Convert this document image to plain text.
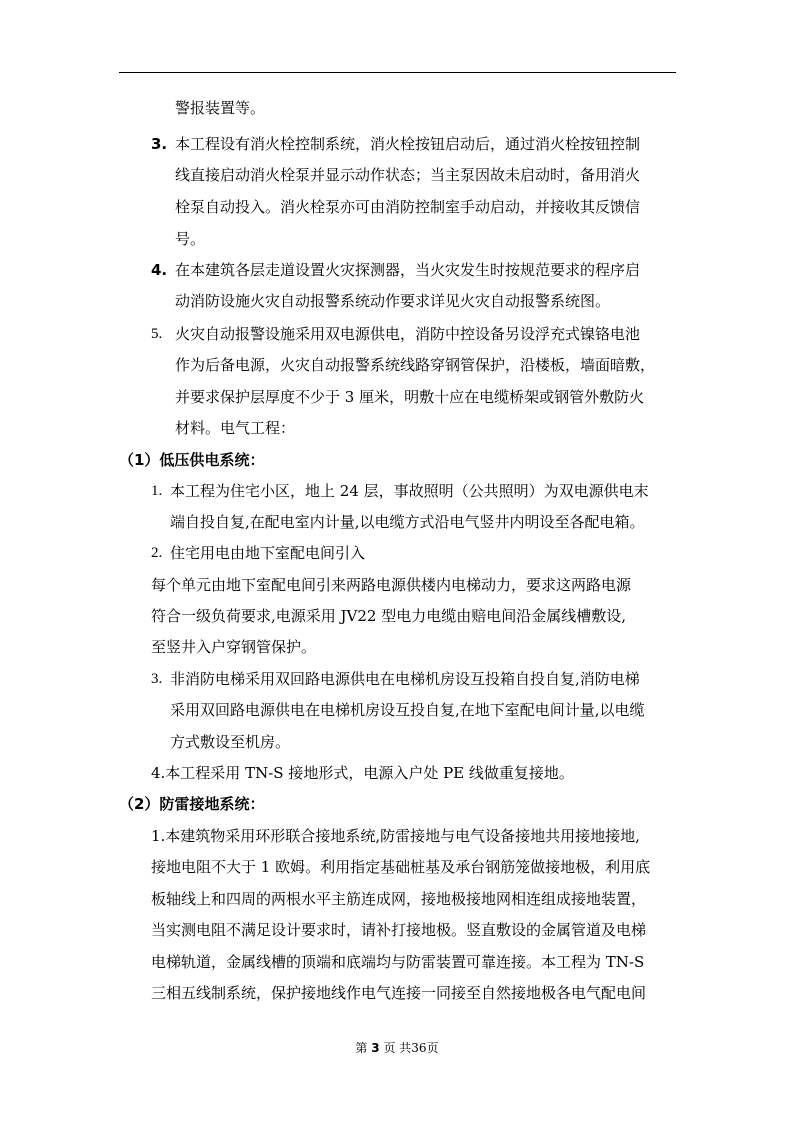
警报装置等。
3. 本工程设有消火栓控制系统，消火栓按钮启动后，通过消火栓按钮控制
线直接启动消火栓泵并显示动作状态；当主泵因故未启动时，备用消火
栓泵自动投入。消火栓泵亦可由消防控制室手动启动，并接收其反馈信
号。
4. 在本建筑各层走道设置火灾探测器，当火灾发生时按规范要求的程序启
动消防设施火灾自动报警系统动作要求详见火灾自动报警系统图。
5. 火灾自动报警设施采用双电源供电，消防中控设备另设浮充式镍铬电池
作为后备电源，火灾自动报警系统线路穿钢管保护，沿楼板，墙面暗敷，
并要求保护层厚度不少于 3 厘米，明敷十应在电缆桥架或钢管外敷防火
材料。电气工程：
（1）低压供电系统：
1. 本工程为住宅小区，地上 24 层，事故照明（公共照明）为双电源供电末
端自投自复,在配电室内计量,以电缆方式沿电气竖井内明设至各配电箱。
2. 住宅用电由地下室配电间引入
每个单元由地下室配电间引来两路电源供楼内电梯动力，要求这两路电源
符合一级负荷要求,电源采用 JV22 型电力电缆由赔电间沿金属线槽敷设,
至竖井入户穿钢管保护。
3. 非消防电梯采用双回路电源供电在电梯机房设互投箱自投自复,消防电梯
采用双回路电源供电在电梯机房设互投自复,在地下室配电间计量,以电缆
方式敷设至机房。
4.本工程采用 TN-S 接地形式，电源入户处 PE 线做重复接地。
（2）防雷接地系统：
1.本建筑物采用环形联合接地系统,防雷接地与电气设备接地共用接地接地,
接地电阻不大于 1 欧姆。利用指定基础桩基及承台钢筋笼做接地极，利用底
板轴线上和四周的两根水平主筋连成网，接地极接地网相连组成接地装置，
当实测电阻不满足设计要求时，请补打接地极。竖直敷设的金属管道及电梯
电梯轨道，金属线槽的顶端和底端均与防雷装置可靠连接。本工程为 TN-S
三相五线制系统，保护接地线作电气连接一同接至自然接地极各电气配电间
第 3 页 共36页
